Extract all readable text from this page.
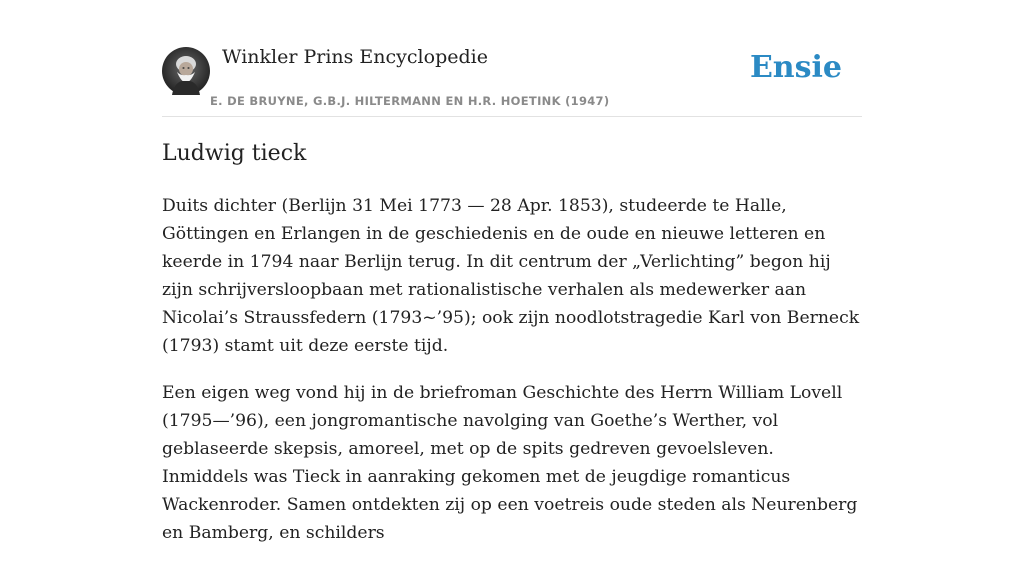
Winkler Prins Encyclopedie
E. DE BRUYNE, G.B.J. HILTERMANN EN H.R. HOETINK (1947)
Ensie
Ludwig tieck

Duits dichter (Berlijn 31 Mei 1773 — 28 Apr. 1853), studeerde te Halle, Göttingen en Erlangen in de geschiedenis en de oude en nieuwe letteren en keerde in 1794 naar Berlijn terug. In dit centrum der „Verlichting” begon hij zijn schrijversloopbaan met rationalistische verhalen als medewerker aan Nicolai’s Straussfedern (1793~’95); ook zijn noodlotstragedie Karl von Berneck (1793) stamt uit deze eerste tijd.

Een eigen weg vond hij in de briefroman Geschichte des Herrn William Lovell (1795—’96), een jongromantische navolging van Goethe’s Werther, vol geblaseerde skepsis, amoreel, met op de spits gedreven gevoelsleven. Inmiddels was Tieck in aanraking gekomen met de jeugdige romanticus Wackenroder. Samen ontdekten zij op een voetreis oude steden als Neurenberg en Bamberg, en schilders
